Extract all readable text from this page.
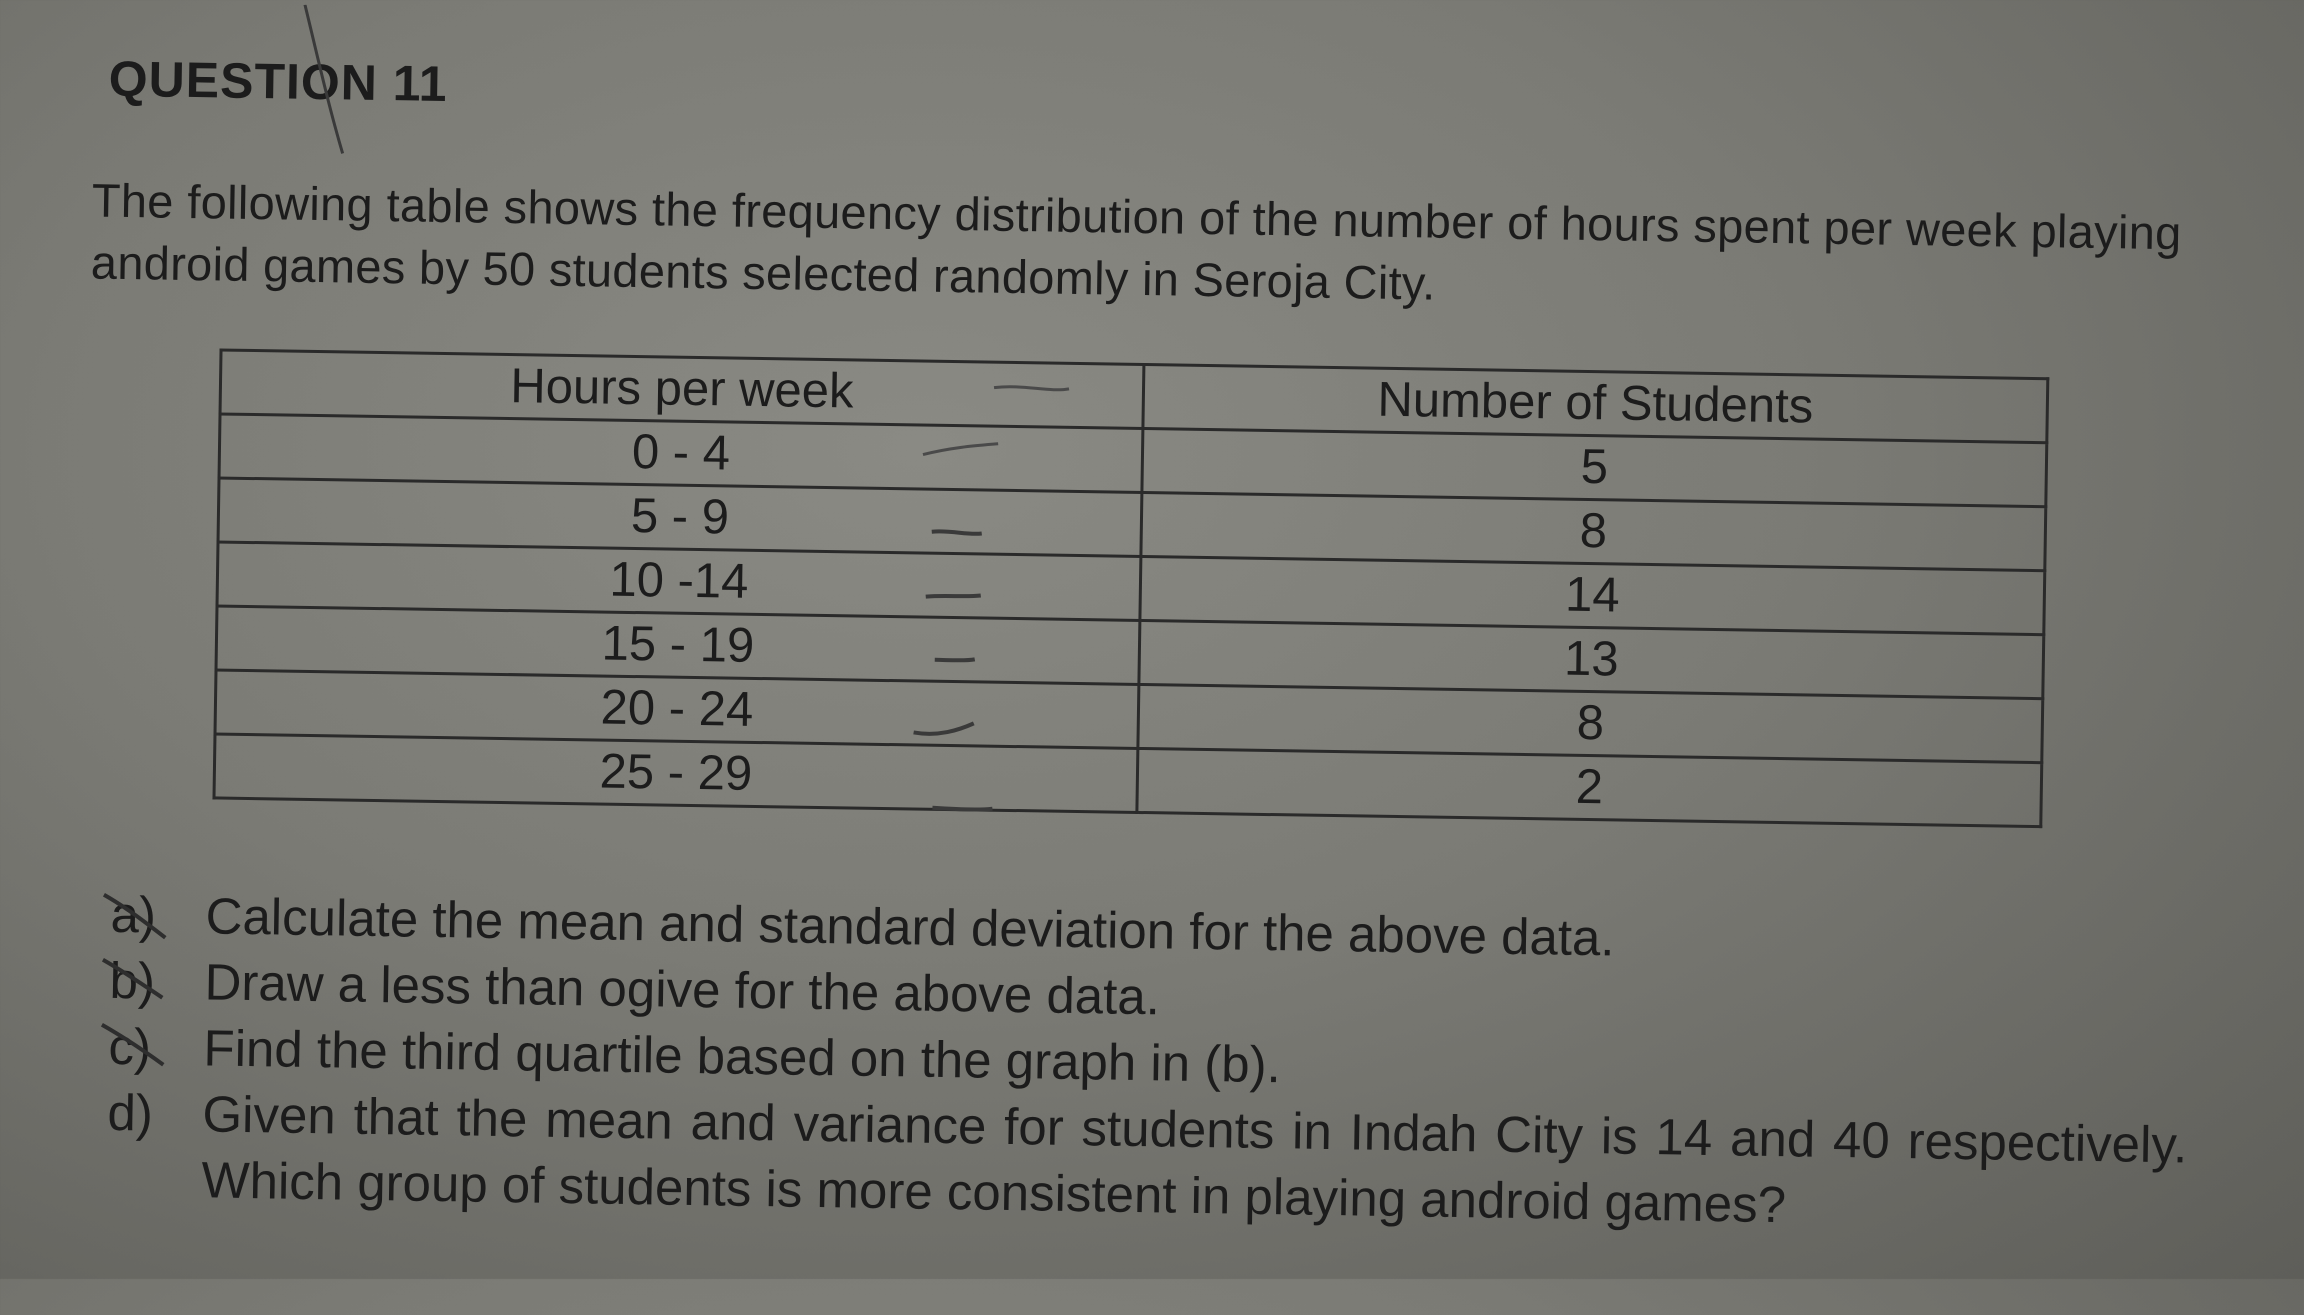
QUESTION 11
The following table shows the frequency distribution of the number of hours spent per week playing android games by 50 students selected randomly in Seroja City.
Hours per week	Number of Students
0 - 4	5
5 - 9	8
10 -14	14
15 - 19	13
20 - 24	8
25 - 29	2
a) Calculate the mean and standard deviation for the above data.
b) Draw a less than ogive for the above data.
c)	Find the third quartile based on the graph in (b).
d) Given that the mean and variance for students in Indah City is 14 and 40 respectively. Which group of students is more consistent in playing android games?
